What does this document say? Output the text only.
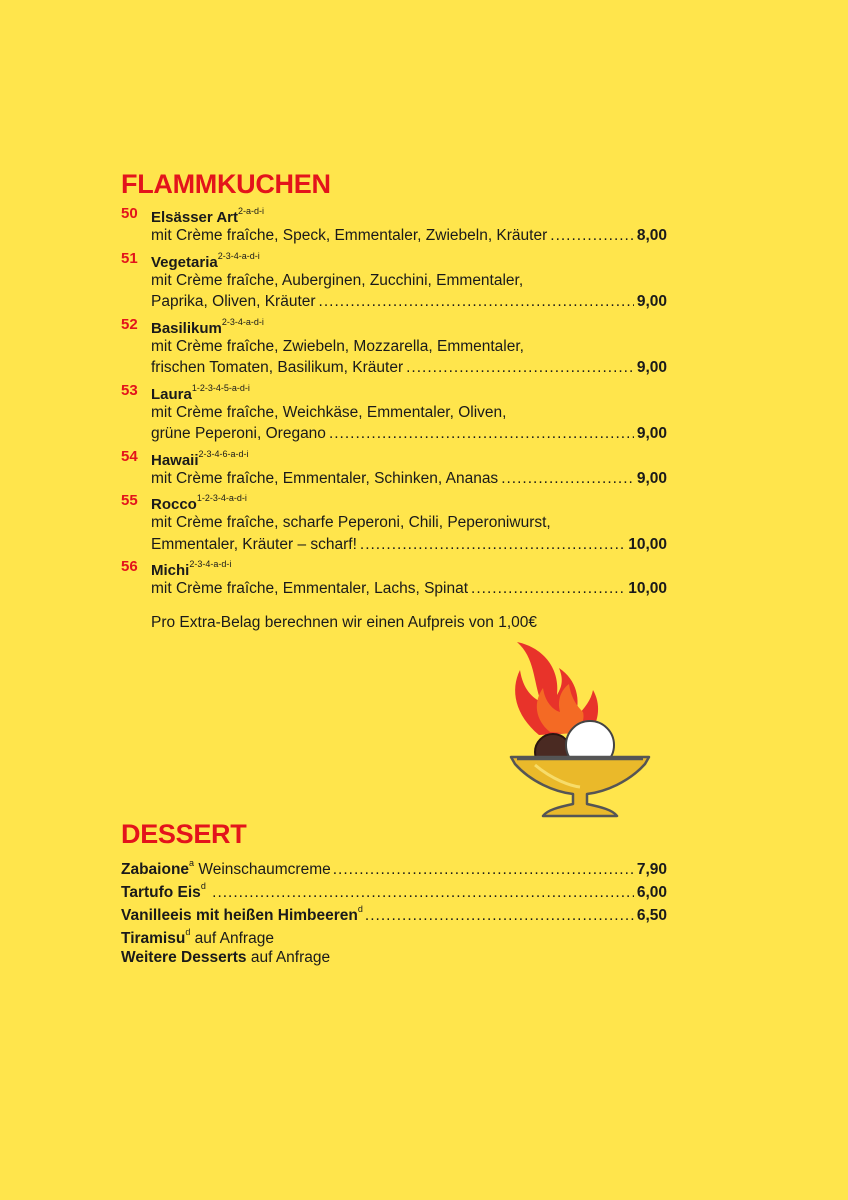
FLAMMKUCHEN
50 Elsässer Art$^{2-a-d-i}$
mit Crème fraîche, Speck, Emmentaler, Zwiebeln, Kräuter .....	8,00
51 Vegetaria$^{2-3-4-a-d-i}$
mit Crème fraîche, Auberginen, Zucchini, Emmentaler,
Paprika, Oliven, Kräuter .....	9,00
52 Basilikum$^{2-3-4-a-d-i}$
mit Crème fraîche, Zwiebeln, Mozzarella, Emmentaler,
frischen Tomaten, Basilikum, Kräuter .....	9,00
53 Laura$^{1-2-3-4-5-a-d-i}$
mit Crème fraîche, Weichkäse, Emmentaler, Oliven,
grüne Peperoni, Oregano .....	9,00
54 Hawaii$^{2-3-4-6-a-d-i}$
mit Crème fraîche, Emmentaler, Schinken, Ananas .....	9,00
55 Rocco$^{1-2-3-4-a-d-i}$
mit Crème fraîche, scharfe Peperoni, Chili, Peperoniwurst,
Emmentaler, Kräuter – scharf! .....	10,00
56 Michi$^{2-3-4-a-d-i}$
mit Crème fraîche, Emmentaler, Lachs, Spinat .....	10,00
Pro Extra-Belag berechnen wir einen Aufpreis von 1,00€
DESSERT
Zabaione$^a$ Weinschaumcreme .....	7,90
Tartufo Eis$^d$ .....	6,00
Vanilleeis mit heißen Himbeeren$^d$ .....	6,50
Tiramisu$^d$ auf Anfrage
Weitere Desserts auf Anfrage
